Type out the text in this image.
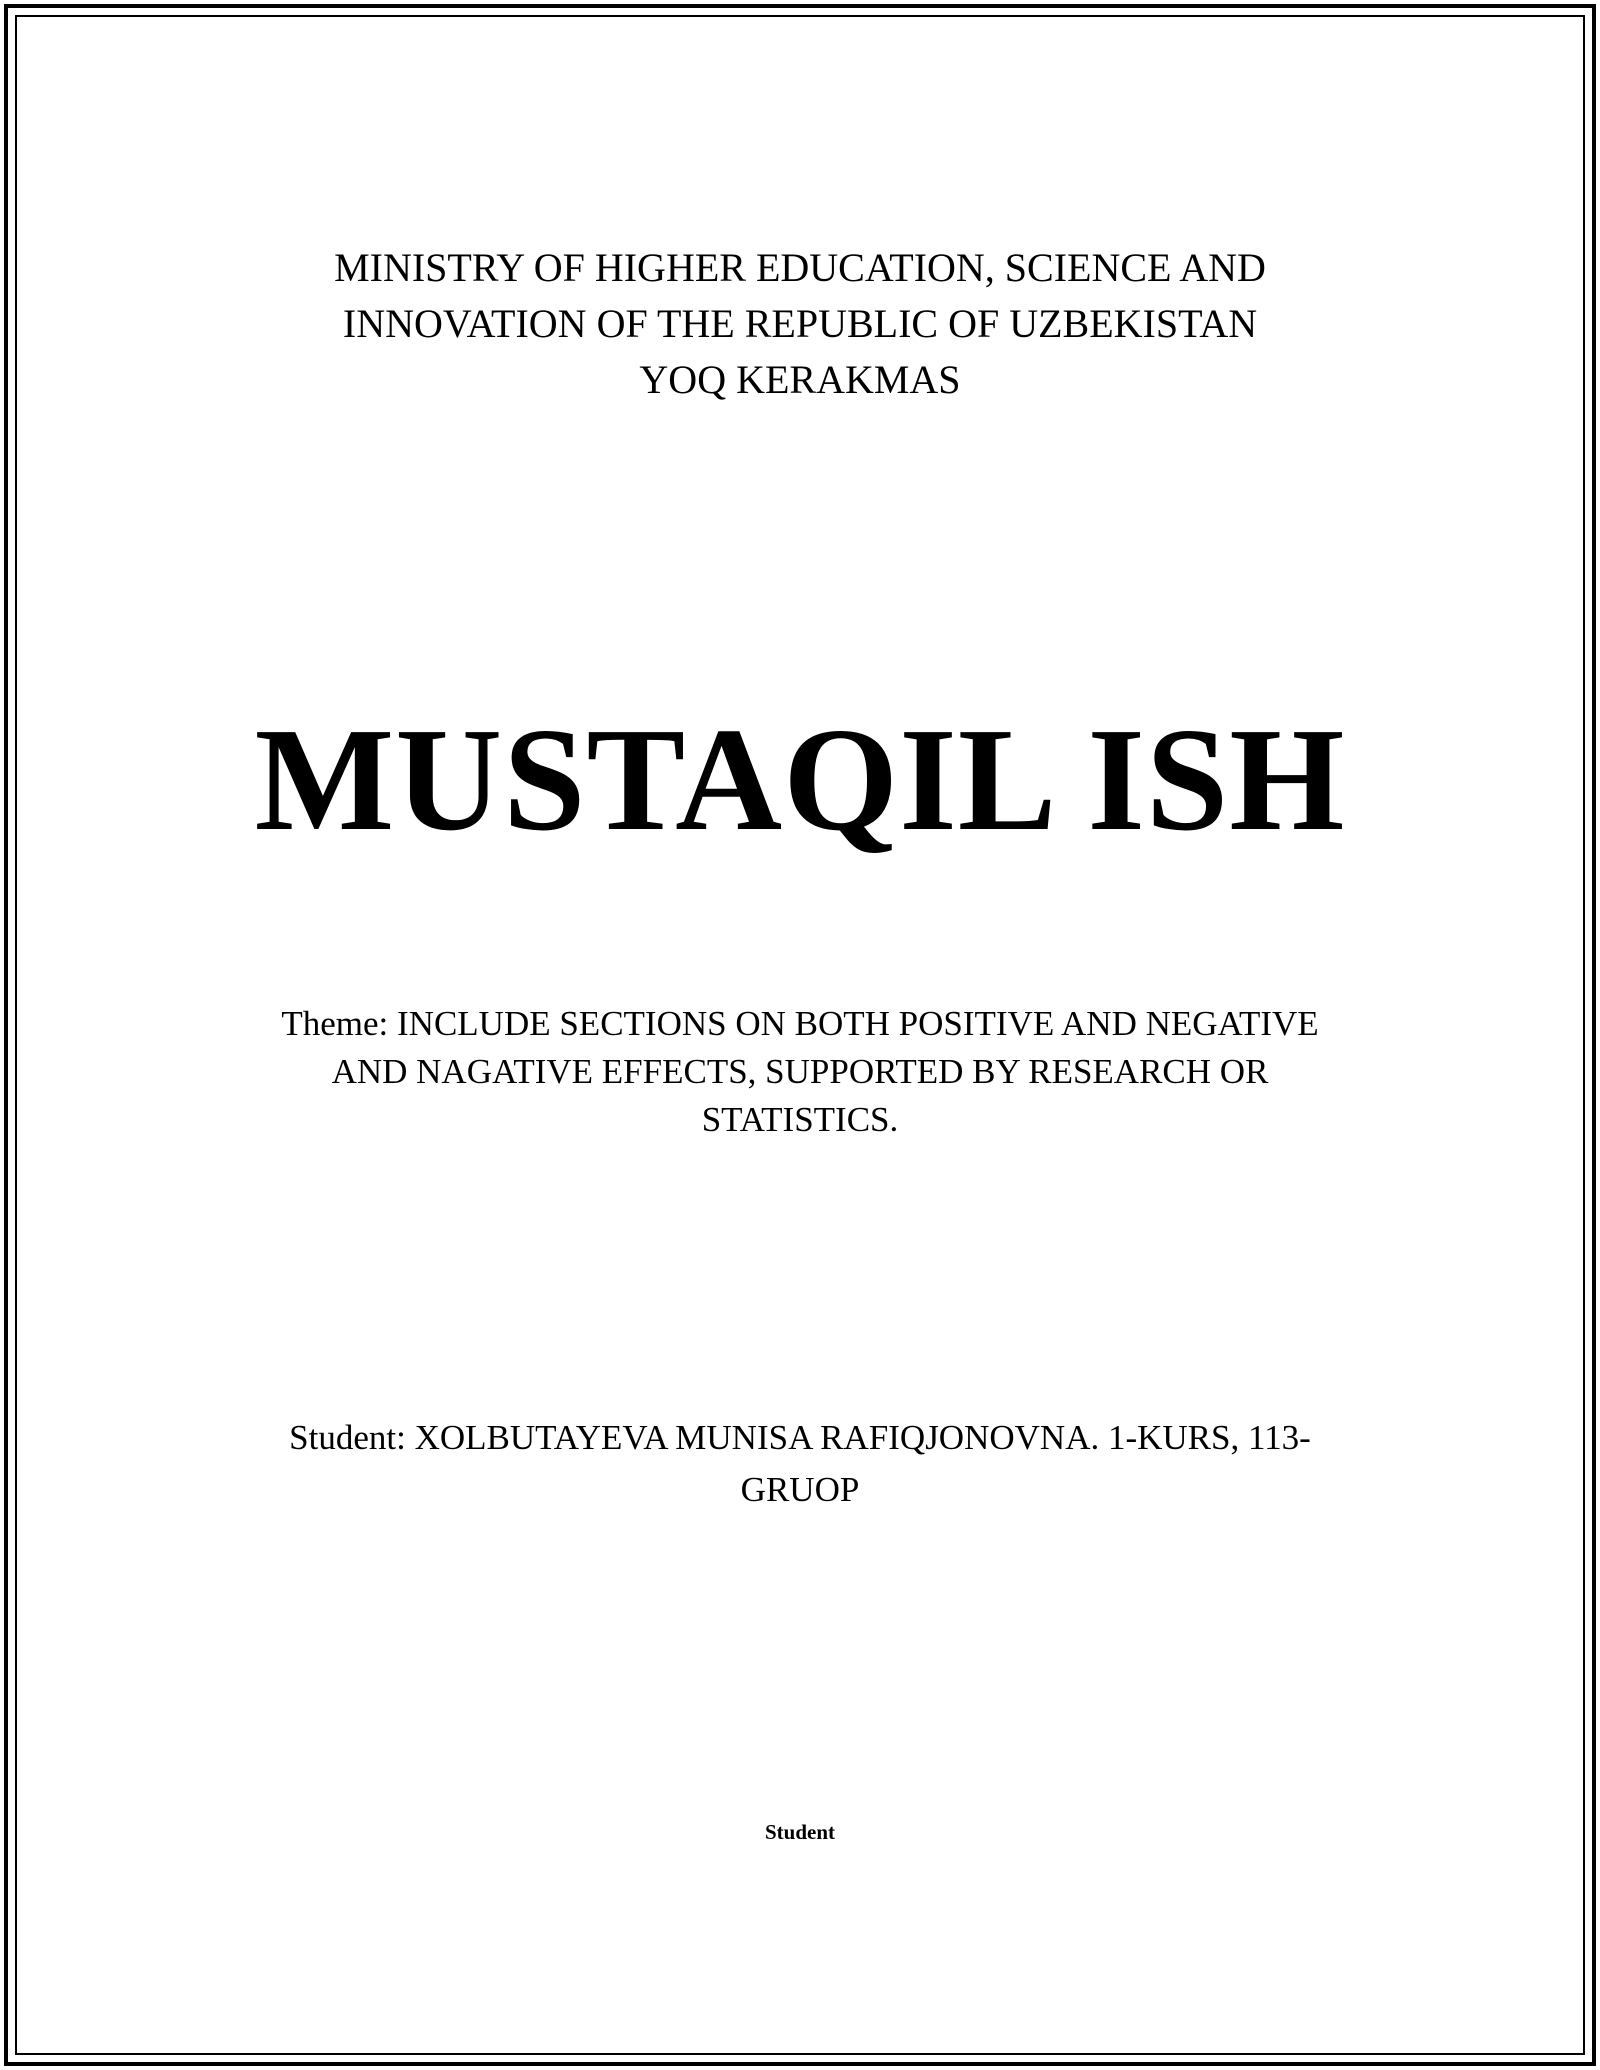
MINISTRY OF HIGHER EDUCATION, SCIENCE AND
INNOVATION OF THE REPUBLIC OF UZBEKISTAN
YOQ KERAKMAS
MUSTAQIL ISH
Theme: INCLUDE SECTIONS ON BOTH POSITIVE AND NEGATIVE
AND NAGATIVE EFFECTS, SUPPORTED BY RESEARCH OR
STATISTICS.
Student: XOLBUTAYEVA MUNISA RAFIQJONOVNA. 1-KURS, 113-
GRUOP
Student
